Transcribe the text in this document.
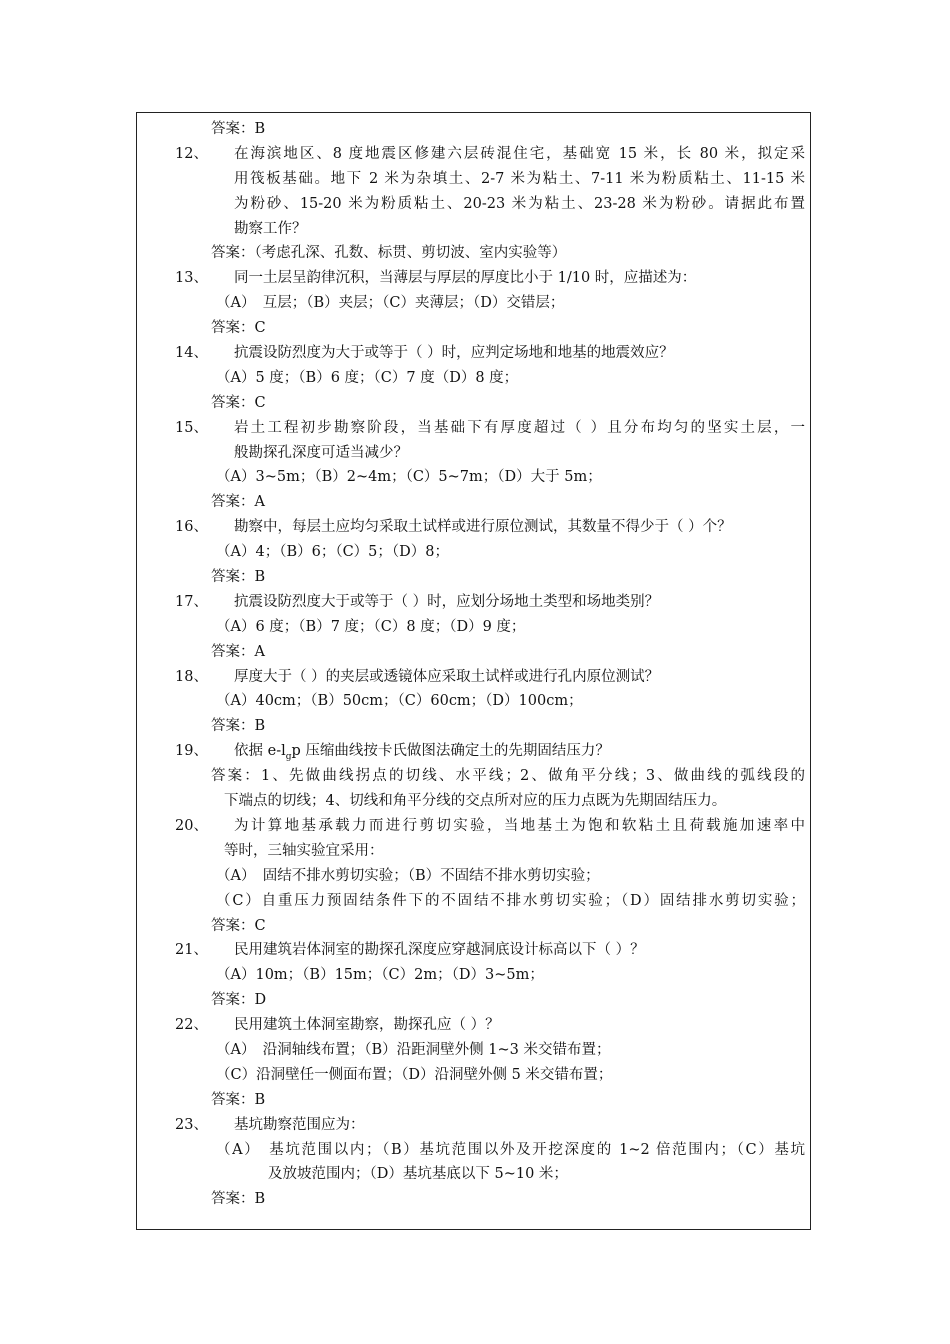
答案：B
12、 在海滨地区、8 度地震区修建六层砖混住宅，基础宽 15 米，长 80 米，拟定采
用筏板基础。地下 2 米为杂填土、2-7 米为粘土、7-11 米为粉质粘土、11-15 米
为粉砂、15-20 米为粉质粘土、20-23 米为粘土、23-28 米为粉砂。请据此布置
勘察工作？
答案：（考虑孔深、孔数、标贯、剪切波、室内实验等）
13、 同一土层呈韵律沉积，当薄层与厚层的厚度比小于 1/10 时，应描述为：
（A）　互层；（B）夹层；（C）夹薄层；（D）交错层；
答案：C
14、 抗震设防烈度为大于或等于（ ）时，应判定场地和地基的地震效应？
（A）5 度；（B）6 度；（C）7 度（D）8 度；
答案：C
15、 岩土工程初步勘察阶段，当基础下有厚度超过（ ）且分布均匀的坚实土层，一
般勘探孔深度可适当减少？
（A）3~5m；（B）2~4m；（C）5~7m；（D）大于 5m；
答案：A
16、 勘察中，每层土应均匀采取土试样或进行原位测试，其数量不得少于（ ）个？
（A）4；（B）6；（C）5；（D）8；
答案：B
17、 抗震设防烈度大于或等于（ ）时，应划分场地土类型和场地类别？
（A）6 度；（B）7 度；（C）8 度；（D）9 度；
答案：A
18、 厚度大于（ ）的夹层或透镜体应采取土试样或进行孔内原位测试？
（A）40cm；（B）50cm；（C）60cm；（D）100cm；
答案：B
19、 依据 $e-l_gp$ 压缩曲线按卡氏做图法确定土的先期固结压力？
答案：1、先做曲线拐点的切线、水平线；2、做角平分线；3、做曲线的弧线段的
下端点的切线；4、切线和角平分线的交点所对应的压力点既为先期固结压力。
20、 为计算地基承载力而进行剪切实验，当地基土为饱和软粘土且荷载施加速率中
等时，三轴实验宜采用：
（A）　固结不排水剪切实验；（B）不固结不排水剪切实验；
（C）自重压力预固结条件下的不固结不排水剪切实验；（D）固结排水剪切实验；
答案：C
21、 民用建筑岩体洞室的勘探孔深度应穿越洞底设计标高以下（ ）？
（A）10m；（B）15m；（C）2m；（D）3~5m；
答案：D
22、 民用建筑土体洞室勘察，勘探孔应（ ）？
（A）　沿洞轴线布置；（B）沿距洞壁外侧 1~3 米交错布置；
（C）沿洞壁任一侧面布置；（D）沿洞壁外侧 5 米交错布置；
答案：B
23、 基坑勘察范围应为：
（A）　基坑范围以内；（B）基坑范围以外及开挖深度的 1~2 倍范围内；（C）基坑
及放坡范围内；（D）基坑基底以下 5~10 米；
答案：B
